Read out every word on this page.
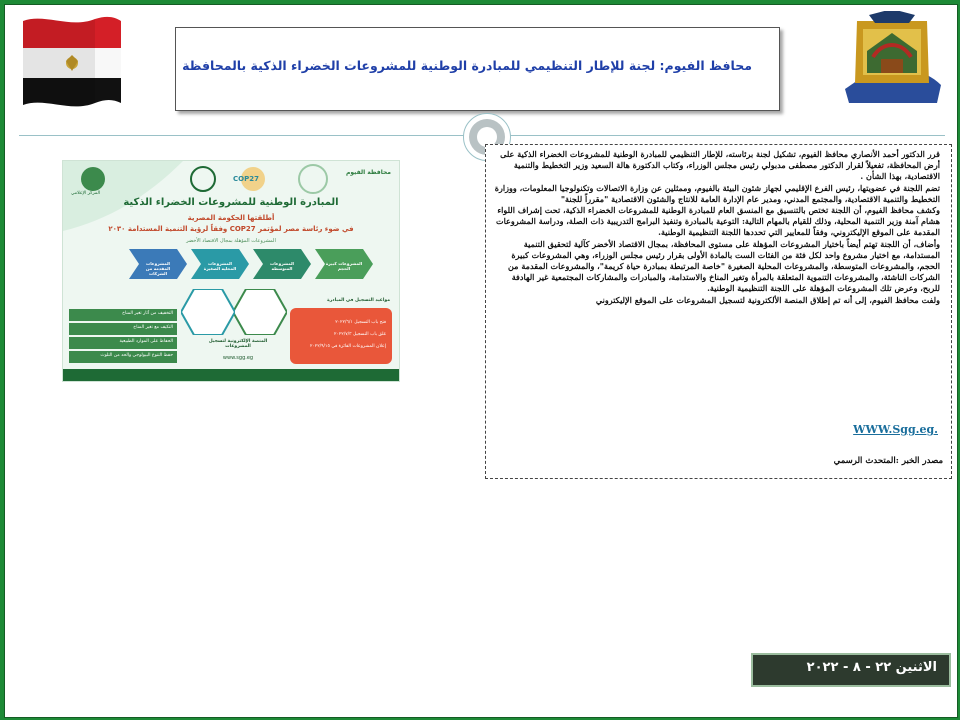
محافظ الفيوم: لجنة للإطار التنظيمي للمبادرة الوطنية للمشروعات الخضراء الذكية بالمحافظة
محافظة الفيوم
COP27
المركز الإعلامي
المبادرة الوطنية للمشروعات الخضراء الذكية
أطلقتها الحكومة المصرية
في ضوء رئاسة مصر لمؤتمر COP27 وفقاً لرؤية التنمية المستدامة ٢٠٣٠
المشروعات المؤهلة بمجال الاقتصاد الأخضر
المشروعات كبيرة الحجم
المشروعات المتوسطة
المشروعات المحلية الصغيرة
المشروعات المقدمة من الشركات
مواعيد التسجيل في المبادرة
فتح باب التسجيل ٢٠٢٢/٦/١
غلق باب التسجيل ٢٠٢٢/٧/٣
إعلان المشروعات الفائزة في ٢٠٢٢/٩/١٥
المنصة الإلكترونية لتسجيل المشروعات
www.sgg.eg
التخفيف من آثار تغير المناخ
التكيف مع تغير المناخ
الحفاظ على الموارد الطبيعية
حفظ التنوع البيولوجي والحد من التلوث

قرر الدكتور أحمد الأنصاري محافظ الفيوم، تشكيل لجنة برئاسته، للإطار التنظيمي للمبادرة الوطنية للمشروعات الخضراء الذكية على أرض المحافظة، تفعيلاً لقرار الدكتور مصطفى مدبولي رئيس مجلس الوزراء، وكتاب الدكتورة هالة السعيد وزير التخطيط والتنمية الاقتصادية، بهذا الشأن .

تضم اللجنة في عضويتها، رئيس الفرع الإقليمي لجهاز شئون البيئة بالفيوم، وممثلين عن وزارة الاتصالات وتكنولوجيا المعلومات، ووزارة التخطيط والتنمية الاقتصادية، والمجتمع المدني، ومدير عام الإدارة العامة للانتاج والشئون الاقتصادية "مقرراً للجنة"

وكشف محافظ الفيوم، أن اللجنة تختص بالتنسيق مع المنسق العام للمبادرة الوطنية للمشروعات الخضراء الذكية، تحت إشراف اللواء هشام آمنة وزير التنمية المحلية، وذلك للقيام بالمهام التالية: التوعية بالمبادرة وتنفيذ البرامج التدريبية ذات الصلة، ودراسة المشروعات المقدمة على الموقع الإليكتروني، وفقاً للمعايير التي تحددها اللجنة التنظيمية الوطنية.

وأضاف، أن اللجنة تهتم أيضاً باختيار المشروعات المؤهلة على مستوى المحافظة، بمجال الاقتصاد الأخضر كآلية لتحقيق التنمية المستدامة، مع اختيار مشروع واحد لكل فئة من الفئات الست بالمادة الأولى بقرار رئيس مجلس الوزراء، وهي المشروعات كبيرة الحجم، والمشروعات المتوسطة، والمشروعات المحلية الصغيرة "خاصة المرتبطة بمبادرة حياة كريمة"، والمشروعات المقدمة من الشركات الناشئة، والمشروعات التنموية المتعلقة بالمرأة وتغير المناخ والاستدامة، والمبادرات والمشاركات المجتمعية غير الهادفة للربح، وعرض تلك المشروعات المؤهلة على اللجنة التنظيمية الوطنية.

ولفت محافظ الفيوم، إلى أنه تم إطلاق المنصة الألكترونية لتسجيل المشروعات على الموقع الإليكتروني

WWW.Sgg.eg.
مصدر الخبر :المتحدث الرسمي
الاثنين ٢٢ - ٨ - ٢٠٢٢
